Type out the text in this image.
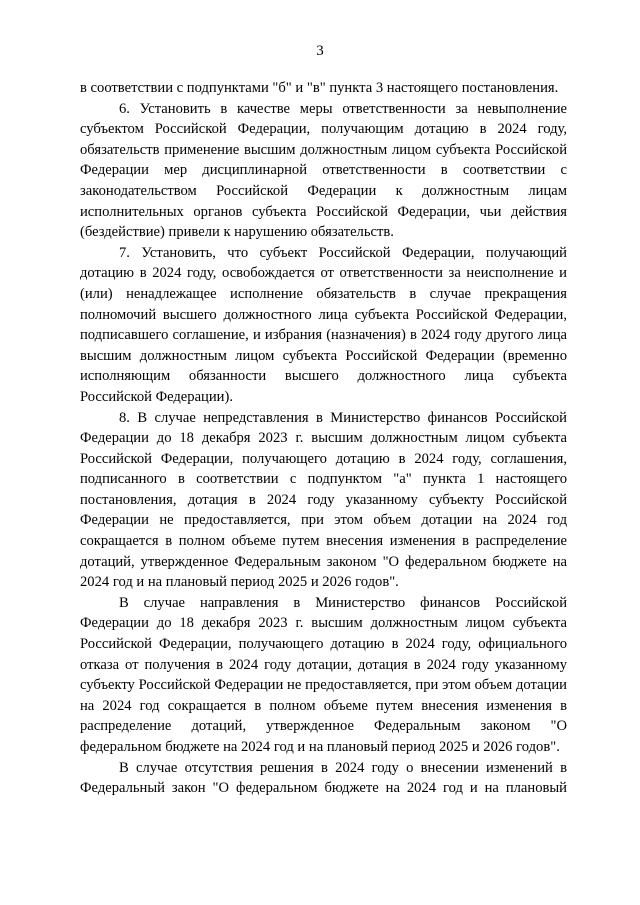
3

в соответствии с подпунктами "б" и "в" пункта 3 настоящего постановления.

6. Установить в качестве меры ответственности за невыполнение субъектом Российской Федерации, получающим дотацию в 2024 году, обязательств применение высшим должностным лицом субъекта Российской Федерации мер дисциплинарной ответственности в соответствии с законодательством Российской Федерации к должностным лицам исполнительных органов субъекта Российской Федерации, чьи действия (бездействие) привели к нарушению обязательств.

7. Установить, что субъект Российской Федерации, получающий дотацию в 2024 году, освобождается от ответственности за неисполнение и (или) ненадлежащее исполнение обязательств в случае прекращения полномочий высшего должностного лица субъекта Российской Федерации, подписавшего соглашение, и избрания (назначения) в 2024 году другого лица высшим должностным лицом субъекта Российской Федерации (временно исполняющим обязанности высшего должностного лица субъекта Российской Федерации).

8. В случае непредставления в Министерство финансов Российской Федерации до 18 декабря 2023 г. высшим должностным лицом субъекта Российской Федерации, получающего дотацию в 2024 году, соглашения, подписанного в соответствии с подпунктом "а" пункта 1 настоящего постановления, дотация в 2024 году указанному субъекту Российской Федерации не предоставляется, при этом объем дотации на 2024 год сокращается в полном объеме путем внесения изменения в распределение дотаций, утвержденное Федеральным законом "О федеральном бюджете на 2024 год и на плановый период 2025 и 2026 годов".

В случае направления в Министерство финансов Российской Федерации до 18 декабря 2023 г. высшим должностным лицом субъекта Российской Федерации, получающего дотацию в 2024 году, официального отказа от получения в 2024 году дотации, дотация в 2024 году указанному субъекту Российской Федерации не предоставляется, при этом объем дотации на 2024 год сокращается в полном объеме путем внесения изменения в распределение дотаций, утвержденное Федеральным законом "О федеральном бюджете на 2024 год и на плановый период 2025 и 2026 годов".

В случае отсутствия решения в 2024 году о внесении изменений в Федеральный закон "О федеральном бюджете на 2024 год и на плановый
